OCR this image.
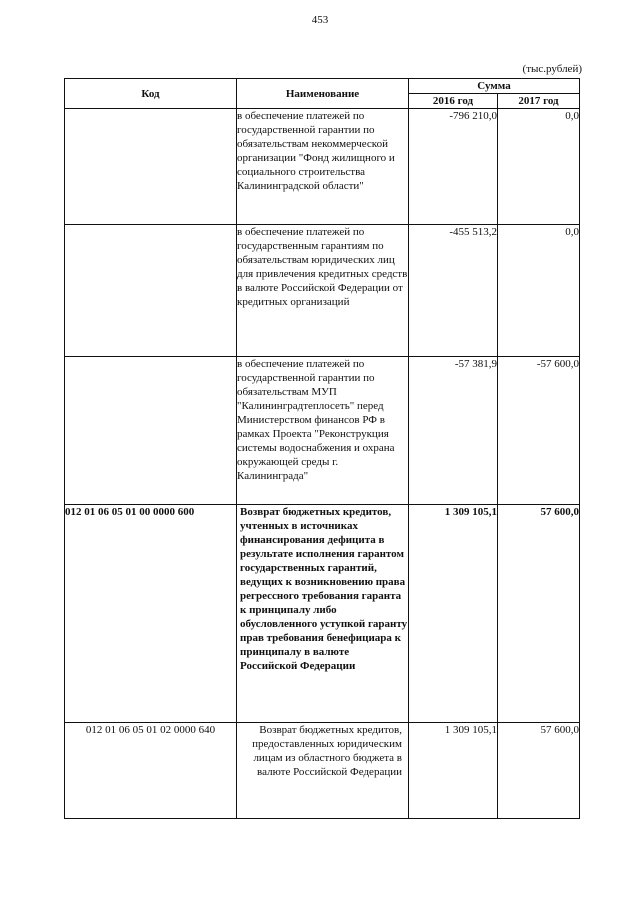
453
(тыс.рублей)
Код	Наименование	Сумма	
		2016 год	2017 год
	в обеспечение платежей по государственной гарантии по обязательствам некоммерческой организации "Фонд жилищного и социального строительства Калининградской области"	-796 210,0	0,0
	в обеспечение платежей по государственным гарантиям по обязательствам юридических лиц для привлечения кредитных средств в валюте Российской Федерации от кредитных организаций	-455 513,2	0,0
	в обеспечение платежей по государственной гарантии по обязательствам МУП "Калининградтеплосеть" перед Министерством финансов РФ в рамках Проекта "Реконструкция системы водоснабжения и охрана окружающей среды г. Калининграда"	-57 381,9	-57 600,0
012 01 06 05 01 00 0000 600	Возврат бюджетных кредитов, учтенных в источниках финансирования дефицита в результате исполнения гарантом государственных гарантий, ведущих к возникновению права регрессного требования гаранта к принципалу либо обусловленного уступкой гаранту прав требования бенефициара к принципалу в валюте Российской Федерации	1 309 105,1	57 600,0
012 01 06 05 01 02 0000 640	Возврат бюджетных кредитов, предоставленных юридическим лицам из областного бюджета в валюте Российской Федерации	1 309 105,1	57 600,0
